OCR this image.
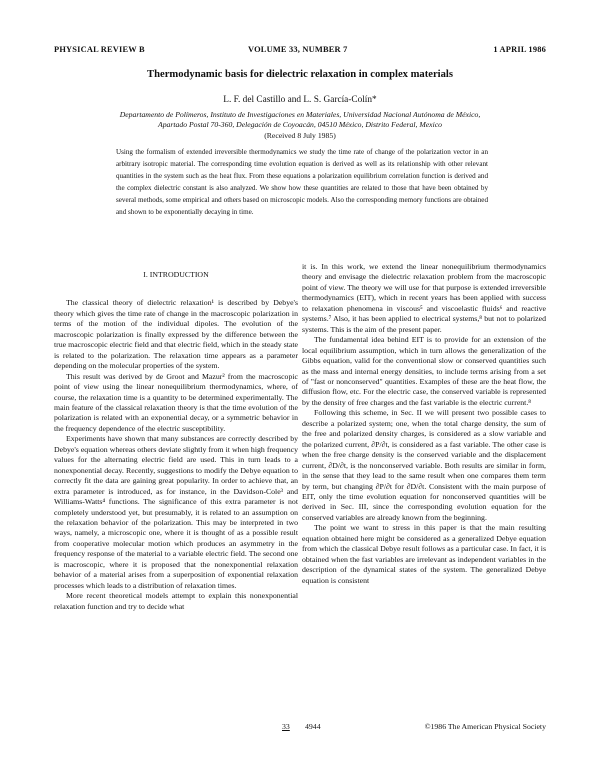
PHYSICAL REVIEW B	VOLUME 33, NUMBER 7	1 APRIL 1986
Thermodynamic basis for dielectric relaxation in complex materials
L. F. del Castillo and L. S. García-Colín*
Departamento de Polímeros, Instituto de Investigaciones en Materiales, Universidad Nacional Autónoma de México,
Apartado Postal 70-360, Delegación de Coyoacán, 04510 México, Distrito Federal, Mexico
(Received 8 July 1985)
Using the formalism of extended irreversible thermodynamics we study the time rate of change of the polarization vector in an arbitrary isotropic material. The corresponding time evolution equation is derived as well as its relationship with other relevant quantities in the system such as the heat flux. From these equations a polarization equilibrium correlation function is derived and the complex dielectric constant is also analyzed. We show how these quantities are related to those that have been obtained by several methods, some empirical and others based on microscopic models. Also the corresponding memory functions are obtained and shown to be exponentially decaying in time.
I. INTRODUCTION

The classical theory of dielectric relaxation¹ is described by Debye's theory which gives the time rate of change in the macroscopic polarization in terms of the motion of the individual dipoles. The evolution of the macroscopic polarization is finally expressed by the difference between the true macroscopic electric field and that electric field, which in the steady state is related to the polarization. The relaxation time appears as a parameter depending on the molecular properties of the system.

This result was derived by de Groot and Mazur² from the macroscopic point of view using the linear nonequilibrium thermodynamics, where, of course, the relaxation time is a quantity to be determined experimentally. The main feature of the classical relaxation theory is that the time evolution of the polarization is related with an exponential decay, or a symmetric behavior in the frequency dependence of the electric susceptibility.

Experiments have shown that many substances are correctly described by Debye's equation whereas others deviate slightly from it when high frequency values for the alternating electric field are used. This in turn leads to a nonexponential decay. Recently, suggestions to modify the Debye equation to correctly fit the data are gaining great popularity. In order to achieve that, an extra parameter is introduced, as for instance, in the Davidson-Cole³ and Williams-Watts⁴ functions. The significance of this extra parameter is not completely understood yet, but presumably, it is related to an assumption on the relaxation behavior of the polarization. This may be interpreted in two ways, namely, a microscopic one, where it is thought of as a possible result from cooperative molecular motion which produces an asymmetry in the frequency response of the material to a variable electric field. The second one is macroscopic, where it is proposed that the nonexponential relaxation behavior of a material arises from a superposition of exponential relaxation processes which leads to a distribution of relaxation times.

More recent theoretical models attempt to explain this nonexponential relaxation function and try to decide what

it is. In this work, we extend the linear nonequilibrium thermodynamics theory and envisage the dielectric relaxation problem from the macroscopic point of view. The theory we will use for that purpose is extended irreversible thermodynamics (EIT), which in recent years has been applied with success to relaxation phenomena in viscous⁵ and viscoelastic fluids⁶ and reactive systems.⁷ Also, it has been applied to electrical systems,⁸ but not to polarized systems. This is the aim of the present paper.

The fundamental idea behind EIT is to provide for an extension of the local equilibrium assumption, which in turn allows the generalization of the Gibbs equation, valid for the conventional slow or conserved quantities such as the mass and internal energy densities, to include terms arising from a set of "fast or nonconserved" quantities. Examples of these are the heat flow, the diffusion flow, etc. For the electric case, the conserved variable is represented by the density of free charges and the fast variable is the electric current.⁸

Following this scheme, in Sec. II we will present two possible cases to describe a polarized system; one, when the total charge density, the sum of the free and polarized density charges, is considered as a slow variable and the polarized current, ∂P/∂t, is considered as a fast variable. The other case is when the free charge density is the conserved variable and the displacement current, ∂D/∂t, is the nonconserved variable. Both results are similar in form, in the sense that they lead to the same result when one compares them term by term, but changing ∂P/∂t for ∂D/∂t. Consistent with the main purpose of EIT, only the time evolution equation for nonconserved quantities will be derived in Sec. III, since the corresponding evolution equation for the conserved variables are already known from the beginning.

The point we want to stress in this paper is that the main resulting equation obtained here might be considered as a generalized Debye equation from which the classical Debye result follows as a particular case. In fact, it is obtained when the fast variables are irrelevant as independent variables in the description of the dynamical states of the system. The generalized Debye equation is consistent

33 4944	©1986 The American Physical Society
